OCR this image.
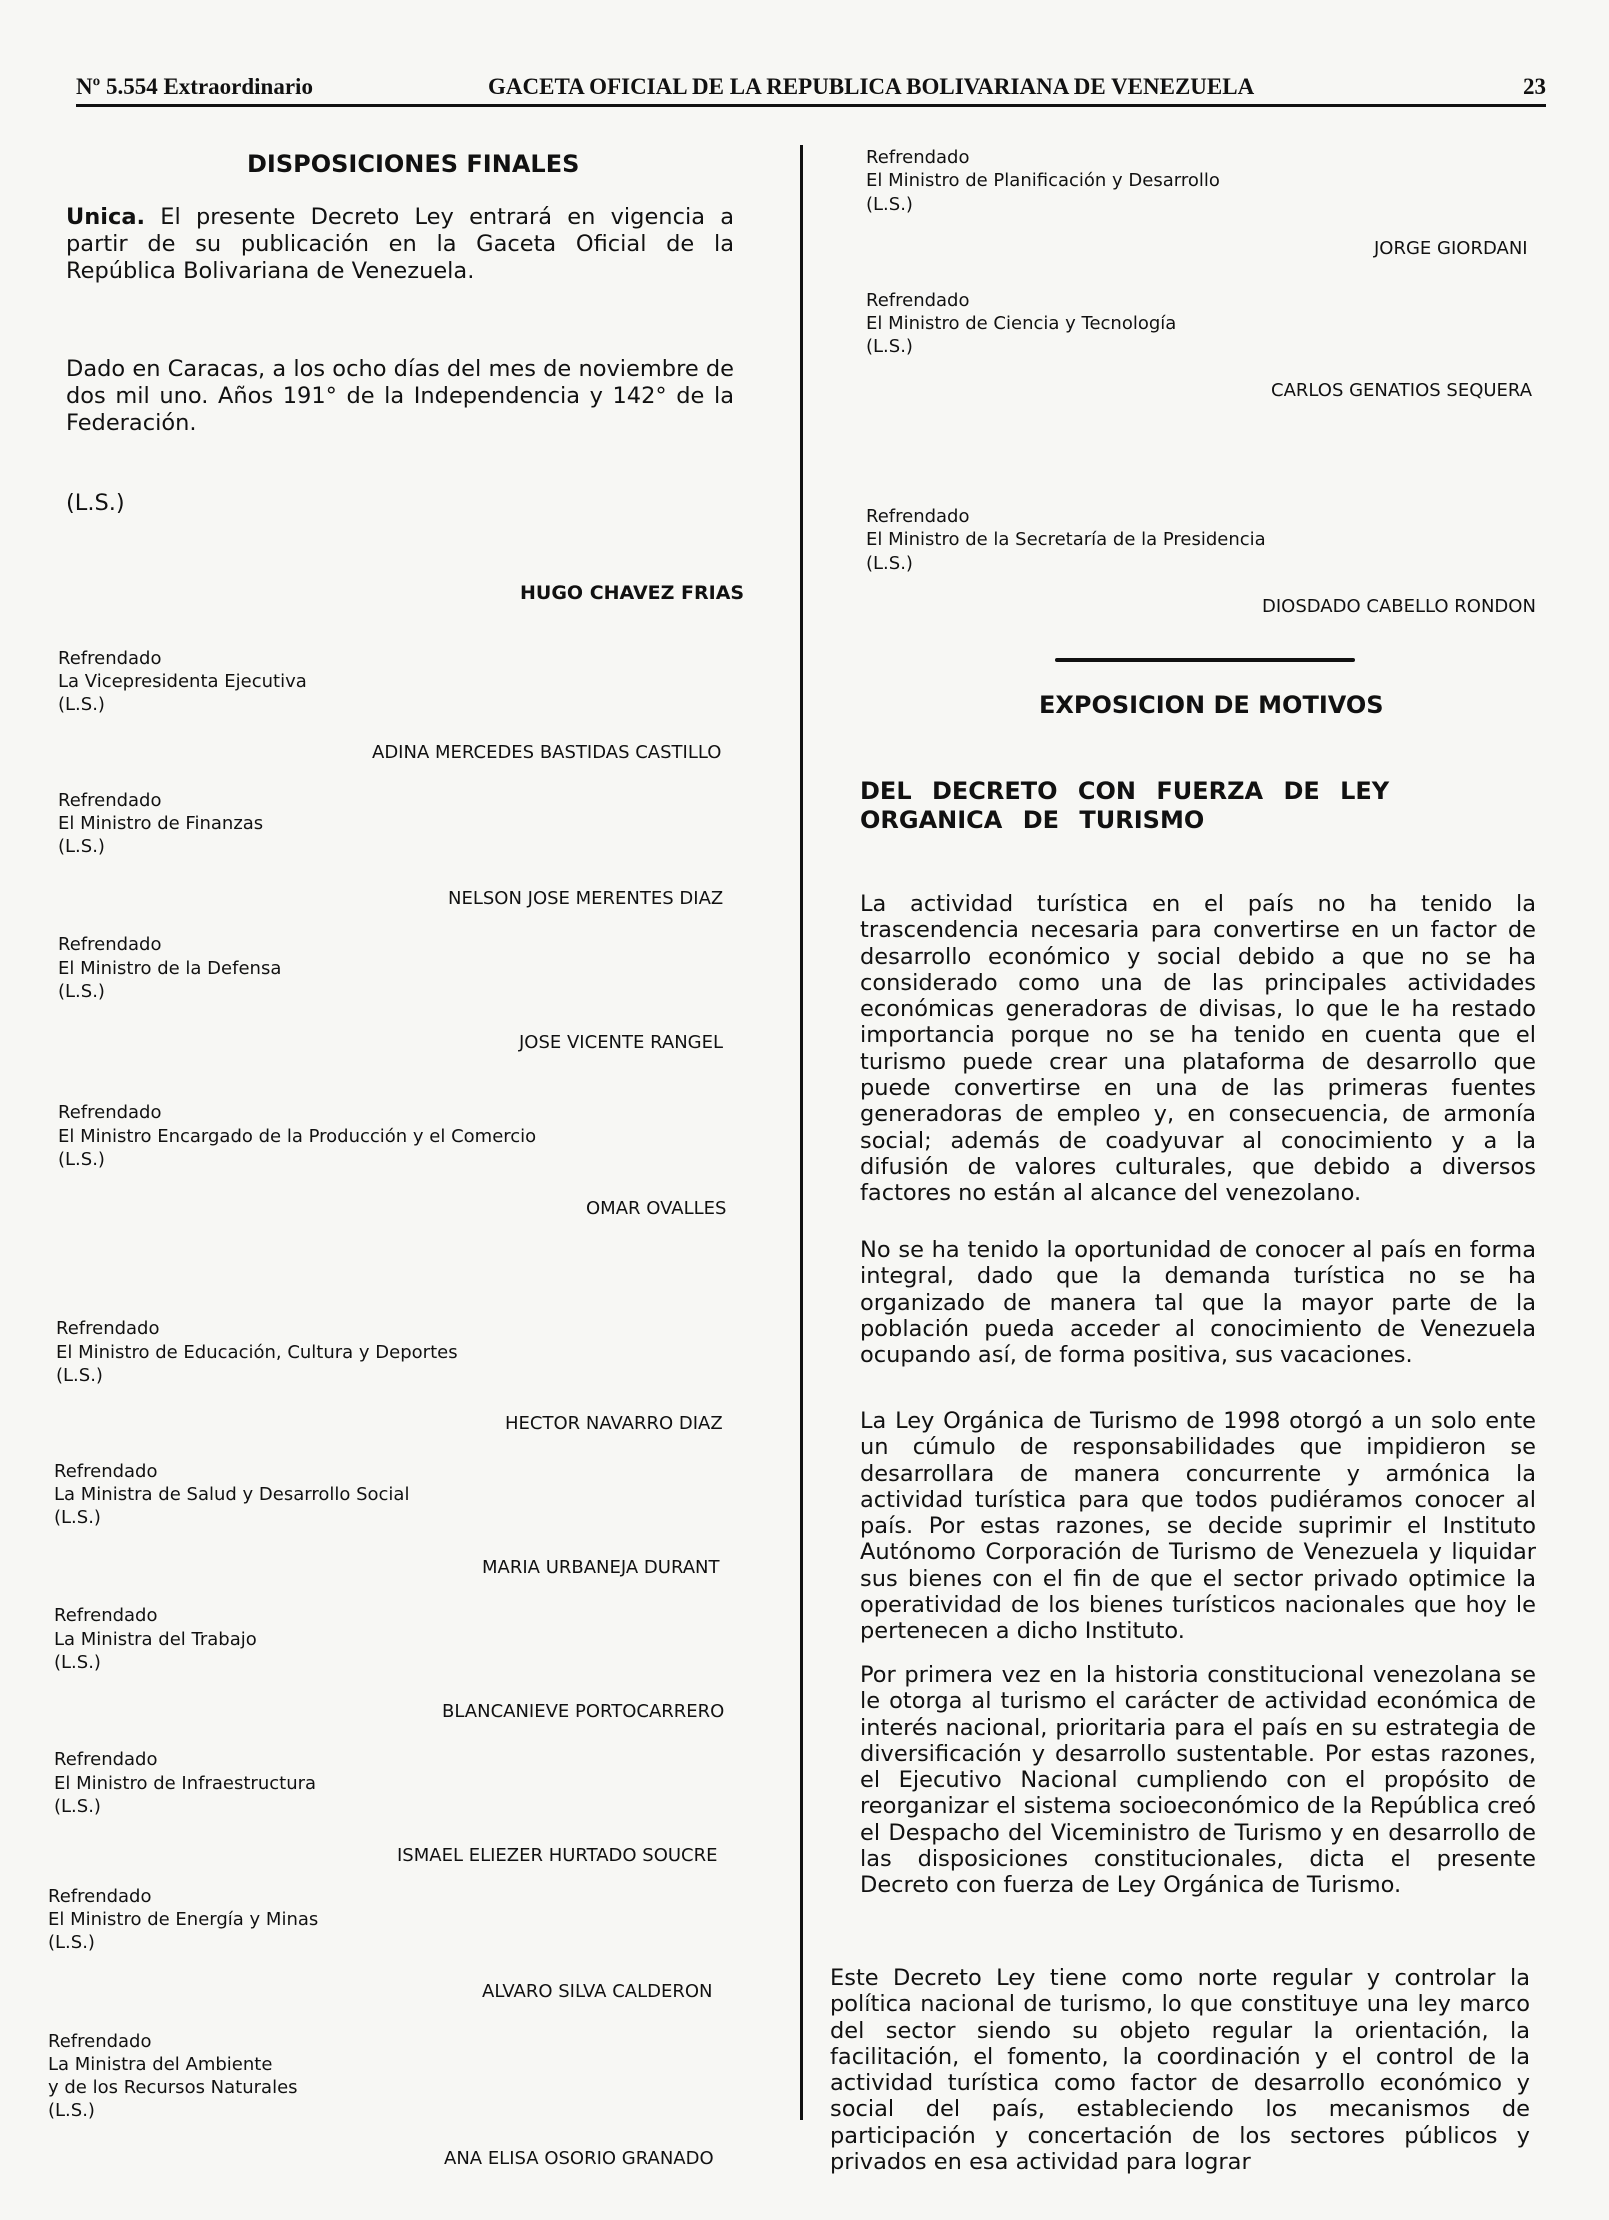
Nº 5.554 Extraordinario	GACETA OFICIAL DE LA REPUBLICA BOLIVARIANA DE VENEZUELA	23
DISPOSICIONES FINALES
Unica. El presente Decreto Ley entrará en vigencia a partir de su publicación en la Gaceta Oficial de la República Bolivariana de Venezuela.
Dado en Caracas, a los ocho días del mes de noviembre de dos mil uno. Años 191° de la Independencia y 142° de la Federación.
(L.S.)
HUGO CHAVEZ FRIAS
Refrendado
La Vicepresidenta Ejecutiva
(L.S.)
ADINA MERCEDES BASTIDAS CASTILLO
Refrendado
El Ministro de Finanzas
(L.S.)
NELSON JOSE MERENTES DIAZ
Refrendado
El Ministro de la Defensa
(L.S.)
JOSE VICENTE RANGEL
Refrendado
El Ministro Encargado de la Producción y el Comercio
(L.S.)
OMAR OVALLES
Refrendado
El Ministro de Educación, Cultura y Deportes
(L.S.)
HECTOR NAVARRO DIAZ
Refrendado
La Ministra de Salud y Desarrollo Social
(L.S.)
MARIA URBANEJA DURANT
Refrendado
La Ministra del Trabajo
(L.S.)
BLANCANIEVE PORTOCARRERO
Refrendado
El Ministro de Infraestructura
(L.S.)
ISMAEL ELIEZER HURTADO SOUCRE
Refrendado
El Ministro de Energía y Minas
(L.S.)
ALVARO SILVA CALDERON
Refrendado
La Ministra del Ambiente
y de los Recursos Naturales
(L.S.)
ANA ELISA OSORIO GRANADO
Refrendado
El Ministro de Planificación y Desarrollo
(L.S.)
JORGE GIORDANI
Refrendado
El Ministro de Ciencia y Tecnología
(L.S.)
CARLOS GENATIOS SEQUERA
Refrendado
El Ministro de la Secretaría de la Presidencia
(L.S.)
DIOSDADO CABELLO RONDON
EXPOSICION DE MOTIVOS
DEL DECRETO CON FUERZA DE LEY ORGANICA DE TURISMO
La actividad turística en el país no ha tenido la trascendencia necesaria para convertirse en un factor de desarrollo económico y social debido a que no se ha considerado como una de las principales actividades económicas generadoras de divisas, lo que le ha restado importancia porque no se ha tenido en cuenta que el turismo puede crear una plataforma de desarrollo que puede convertirse en una de las primeras fuentes generadoras de empleo y, en consecuencia, de armonía social; además de coadyuvar al conocimiento y a la difusión de valores culturales, que debido a diversos factores no están al alcance del venezolano.
No se ha tenido la oportunidad de conocer al país en forma integral, dado que la demanda turística no se ha organizado de manera tal que la mayor parte de la población pueda acceder al conocimiento de Venezuela ocupando así, de forma positiva, sus vacaciones.
La Ley Orgánica de Turismo de 1998 otorgó a un solo ente un cúmulo de responsabilidades que impidieron se desarrollara de manera concurrente y armónica la actividad turística para que todos pudiéramos conocer al país. Por estas razones, se decide suprimir el Instituto Autónomo Corporación de Turismo de Venezuela y liquidar sus bienes con el fin de que el sector privado optimice la operatividad de los bienes turísticos nacionales que hoy le pertenecen a dicho Instituto.
Por primera vez en la historia constitucional venezolana se le otorga al turismo el carácter de actividad económica de interés nacional, prioritaria para el país en su estrategia de diversificación y desarrollo sustentable. Por estas razones, el Ejecutivo Nacional cumpliendo con el propósito de reorganizar el sistema socioeconómico de la República creó el Despacho del Viceministro de Turismo y en desarrollo de las disposiciones constitucionales, dicta el presente Decreto con fuerza de Ley Orgánica de Turismo.
Este Decreto Ley tiene como norte regular y controlar la política nacional de turismo, lo que constituye una ley marco del sector siendo su objeto regular la orientación, la facilitación, el fomento, la coordinación y el control de la actividad turística como factor de desarrollo económico y social del país, estableciendo los mecanismos de participación y concertación de los sectores públicos y privados en esa actividad para lograr
